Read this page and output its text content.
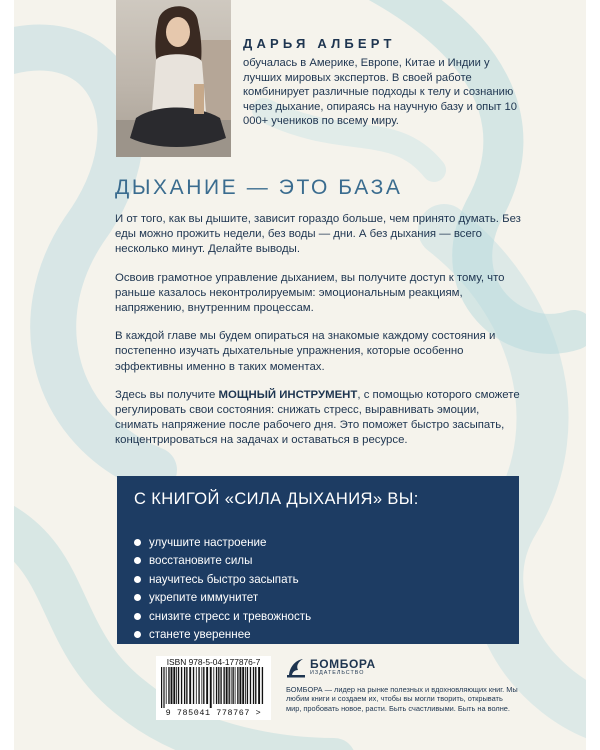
ДАРЬЯ АЛБЕРТ

обучалась в Америке, Европе, Китае и Индии у лучших мировых экспертов. В своей работе комбинирует различные подходы к телу и сознанию через дыхание, опираясь на научную базу и опыт 10 000+ учеников по всему миру.

ДЫХАНИЕ — ЭТО БАЗА

И от того, как вы дышите, зависит гораздо больше, чем принято думать. Без еды можно прожить недели, без воды — дни. А без дыхания — всего несколько минут. Делайте выводы.

Освоив грамотное управление дыханием, вы получите доступ к тому, что раньше казалось неконтролируемым: эмоциональным реакциям, напряжению, внутренним процессам.

В каждой главе мы будем опираться на знакомые каждому состояния и постепенно изучать дыхательные упражнения, которые особенно эффективны именно в таких моментах.

Здесь вы получите МОЩНЫЙ ИНСТРУМЕНТ, с помощью которого сможете регулировать свои состояния: снижать стресс, выравнивать эмоции, снимать напряжение после рабочего дня. Это поможет быстро засыпать, концентрироваться на задачах и оставаться в ресурсе.

С КНИГОЙ «СИЛА ДЫХАНИЯ» ВЫ:
улучшите настроение
восстановите силы
научитесь быстро засыпать
укрепите иммунитет
снизите стресс и тревожность
станете увереннее
ISBN 978-5-04-177876-7
9 785041 778767 >
БОМБОРА
ИЗДАТЕЛЬСТВО
БОМБОРА — лидер на рынке полезных и вдохновляющих книг. Мы любим книги и создаем их, чтобы вы могли творить, открывать мир, пробовать новое, расти. Быть счастливыми. Быть на волне.
